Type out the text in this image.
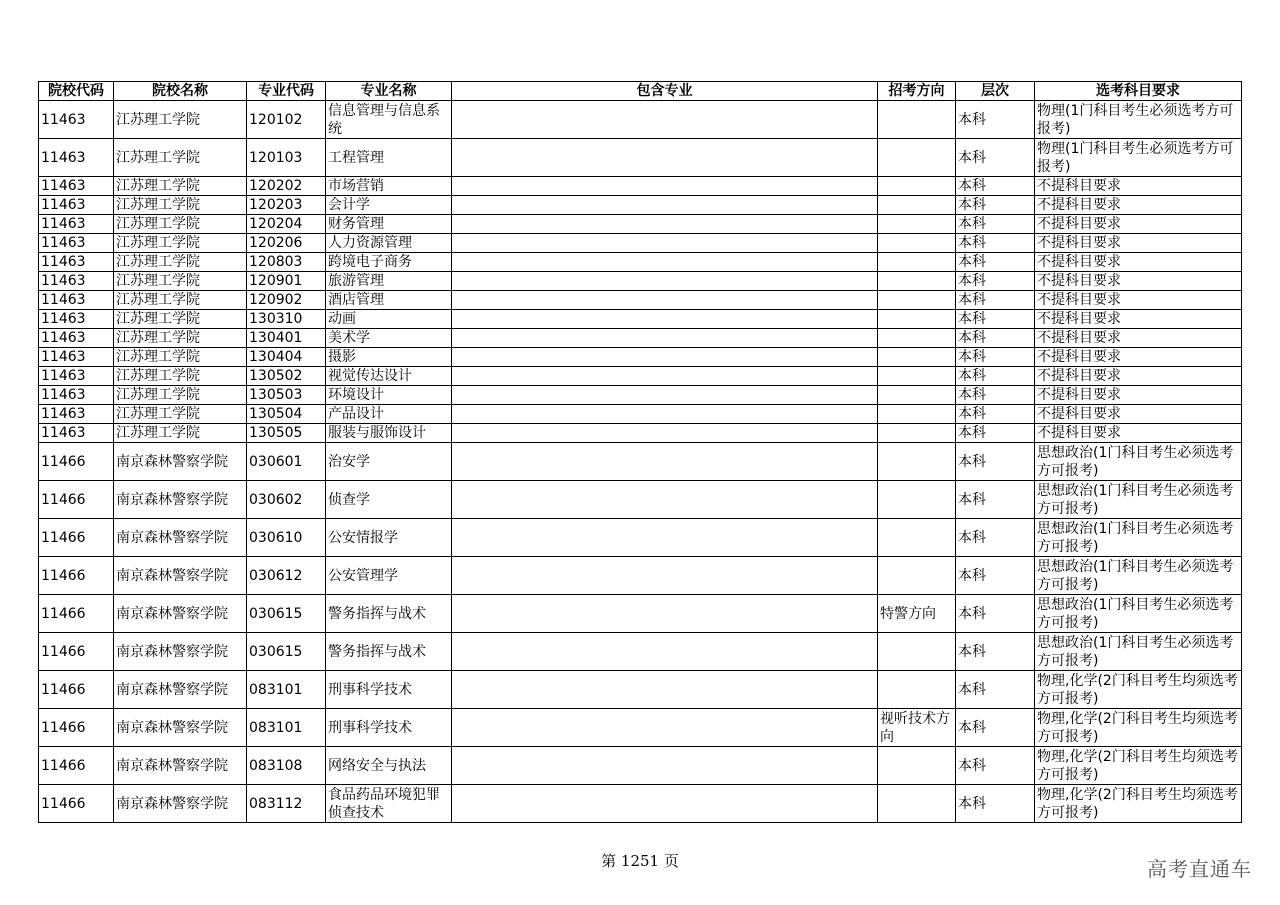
院校代码	院校名称	专业代码	专业名称	包含专业	招考方向	层次	选考科目要求
11463	江苏理工学院	120102	信息管理与信息系统			本科	物理(1门科目考生必须选考方可报考)
11463	江苏理工学院	120103	工程管理			本科	物理(1门科目考生必须选考方可报考)
11463	江苏理工学院	120202	市场营销			本科	不提科目要求
11463	江苏理工学院	120203	会计学			本科	不提科目要求
11463	江苏理工学院	120204	财务管理			本科	不提科目要求
11463	江苏理工学院	120206	人力资源管理			本科	不提科目要求
11463	江苏理工学院	120803	跨境电子商务			本科	不提科目要求
11463	江苏理工学院	120901	旅游管理			本科	不提科目要求
11463	江苏理工学院	120902	酒店管理			本科	不提科目要求
11463	江苏理工学院	130310	动画			本科	不提科目要求
11463	江苏理工学院	130401	美术学			本科	不提科目要求
11463	江苏理工学院	130404	摄影			本科	不提科目要求
11463	江苏理工学院	130502	视觉传达设计			本科	不提科目要求
11463	江苏理工学院	130503	环境设计			本科	不提科目要求
11463	江苏理工学院	130504	产品设计			本科	不提科目要求
11463	江苏理工学院	130505	服装与服饰设计			本科	不提科目要求
11466	南京森林警察学院	030601	治安学			本科	思想政治(1门科目考生必须选考方可报考)
11466	南京森林警察学院	030602	侦查学			本科	思想政治(1门科目考生必须选考方可报考)
11466	南京森林警察学院	030610	公安情报学			本科	思想政治(1门科目考生必须选考方可报考)
11466	南京森林警察学院	030612	公安管理学			本科	思想政治(1门科目考生必须选考方可报考)
11466	南京森林警察学院	030615	警务指挥与战术		特警方向	本科	思想政治(1门科目考生必须选考方可报考)
11466	南京森林警察学院	030615	警务指挥与战术			本科	思想政治(1门科目考生必须选考方可报考)
11466	南京森林警察学院	083101	刑事科学技术			本科	物理,化学(2门科目考生均须选考方可报考)
11466	南京森林警察学院	083101	刑事科学技术		视听技术方向	本科	物理,化学(2门科目考生均须选考方可报考)
11466	南京森林警察学院	083108	网络安全与执法			本科	物理,化学(2门科目考生均须选考方可报考)
11466	南京森林警察学院	083112	食品药品环境犯罪侦查技术			本科	物理,化学(2门科目考生均须选考方可报考)
第 1251 页	高考直通车
